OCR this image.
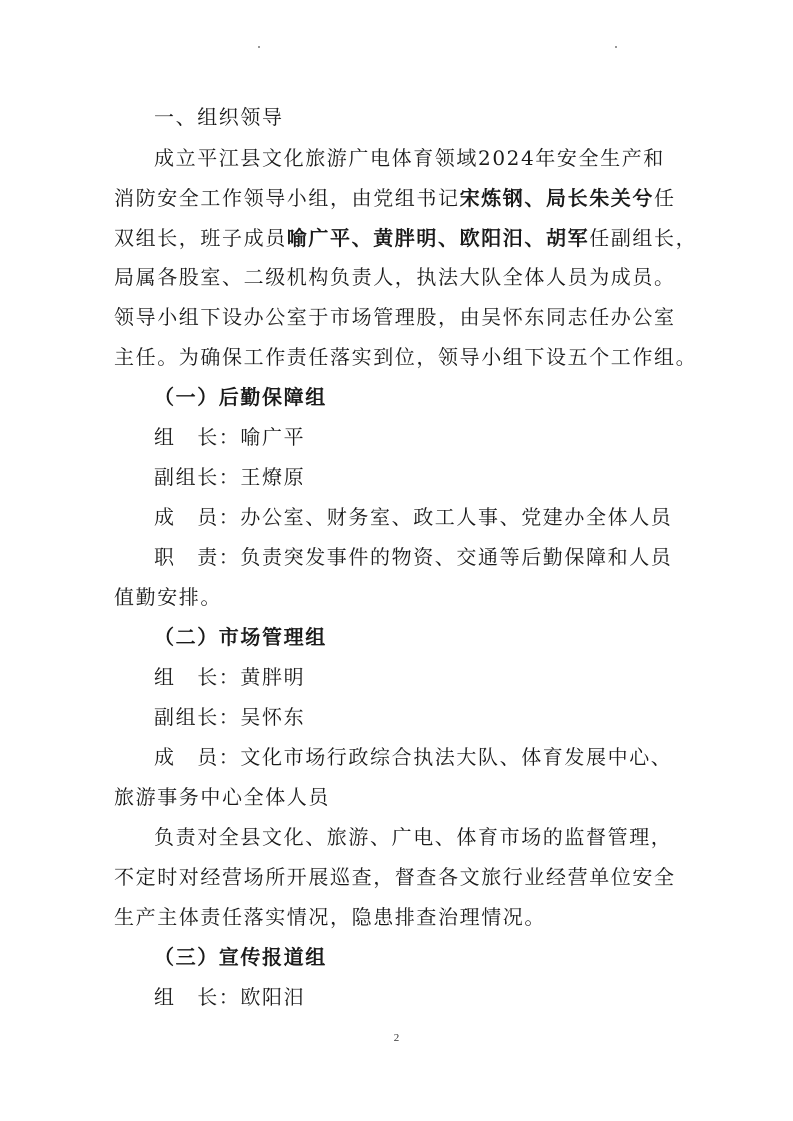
一、组织领导
成立平江县文化旅游广电体育领域2024年安全生产和
消防安全工作领导小组，由党组书记宋炼钢、局长朱关兮任
双组长，班子成员喻广平、黄胖明、欧阳汨、胡军任副组长，
局属各股室、二级机构负责人，执法大队全体人员为成员。
领导小组下设办公室于市场管理股，由吴怀东同志任办公室
主任。为确保工作责任落实到位，领导小组下设五个工作组。
（一）后勤保障组
组　长：喻广平
副组长：王燎原
成　员：办公室、财务室、政工人事、党建办全体人员
职　责：负责突发事件的物资、交通等后勤保障和人员
值勤安排。
（二）市场管理组
组　长：黄胖明
副组长：吴怀东
成　员：文化市场行政综合执法大队、体育发展中心、
旅游事务中心全体人员
负责对全县文化、旅游、广电、体育市场的监督管理，
不定时对经营场所开展巡查，督查各文旅行业经营单位安全
生产主体责任落实情况，隐患排查治理情况。
（三）宣传报道组
组　长：欧阳汨
2
